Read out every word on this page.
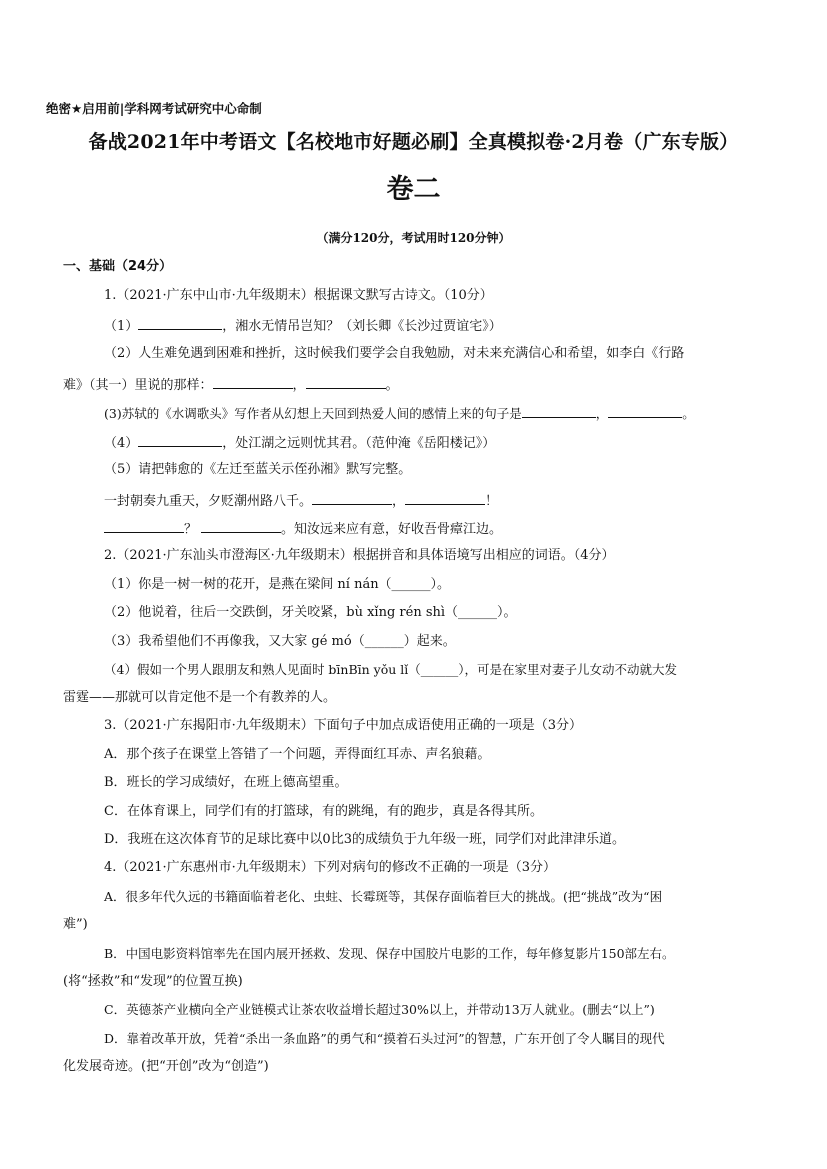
绝密★启用前|学科网考试研究中心命制
备战2021年中考语文【名校地市好题必刷】全真模拟卷·2月卷（广东专版）
卷二
（满分120分，考试用时120分钟）
一、基础（24分）
1.（2021·广东中山市·九年级期末）根据课文默写古诗文。（10分）
（1）	，湘水无情吊岂知？（刘长卿《长沙过贾谊宅》）
（2）人生难免遇到困难和挫折，这时候我们要学会自我勉励，对未来充满信心和希望，如李白《行路
难》（其一）里说的那样：	，	。
(3)苏轼的《水调歌头》写作者从幻想上天回到热爱人间的感情上来的句子是	，	。
（4）	，处江湖之远则忧其君。（范仲淹《岳阳楼记》）
（5）请把韩愈的《左迁至蓝关示侄孙湘》默写完整。
一封朝奏九重天，夕贬潮州路八千。	，	！
？	。知汝远来应有意，好收吾骨瘴江边。
2.（2021·广东汕头市澄海区·九年级期末）根据拼音和具体语境写出相应的词语。（4分）
（1）你是一树一树的花开，是燕在梁间 ní nán（______）。
（2）他说着，往后一交跌倒，牙关咬紧，bù xǐng rén shì（______）。
（3）我希望他们不再像我，又大家 gé mó（______）起来。
（4）假如一个男人跟朋友和熟人见面时 bīnBīn yǒu lǐ（______），可是在家里对妻子儿女动不动就大发
雷霆——那就可以肯定他不是一个有教养的人。
3.（2021·广东揭阳市·九年级期末）下面句子中加点成语使用正确的一项是（3分）
A．那个孩子在课堂上答错了一个问题，弄得面红耳赤、声名狼藉。
B．班长的学习成绩好，在班上德高望重。
C．在体育课上，同学们有的打篮球，有的跳绳，有的跑步，真是各得其所。
D．我班在这次体育节的足球比赛中以0比3的成绩负于九年级一班，同学们对此津津乐道。
4.（2021·广东惠州市·九年级期末）下列对病句的修改不正确的一项是（3分）
A．很多年代久远的书籍面临着老化、虫蛀、长霉斑等，其保存面临着巨大的挑战。(把“挑战”改为“困
难”)
B．中国电影资料馆率先在国内展开拯救、发现、保存中国胶片电影的工作，每年修复影片150部左右。
(将“拯救”和“发现”的位置互换)
C．英德茶产业横向全产业链模式让茶农收益增长超过30%以上，并带动13万人就业。(删去“以上”)
D．靠着改革开放，凭着“杀出一条血路”的勇气和“摸着石头过河”的智慧，广东开创了令人瞩目的现代
化发展奇迹。(把“开创”改为“创造”)
